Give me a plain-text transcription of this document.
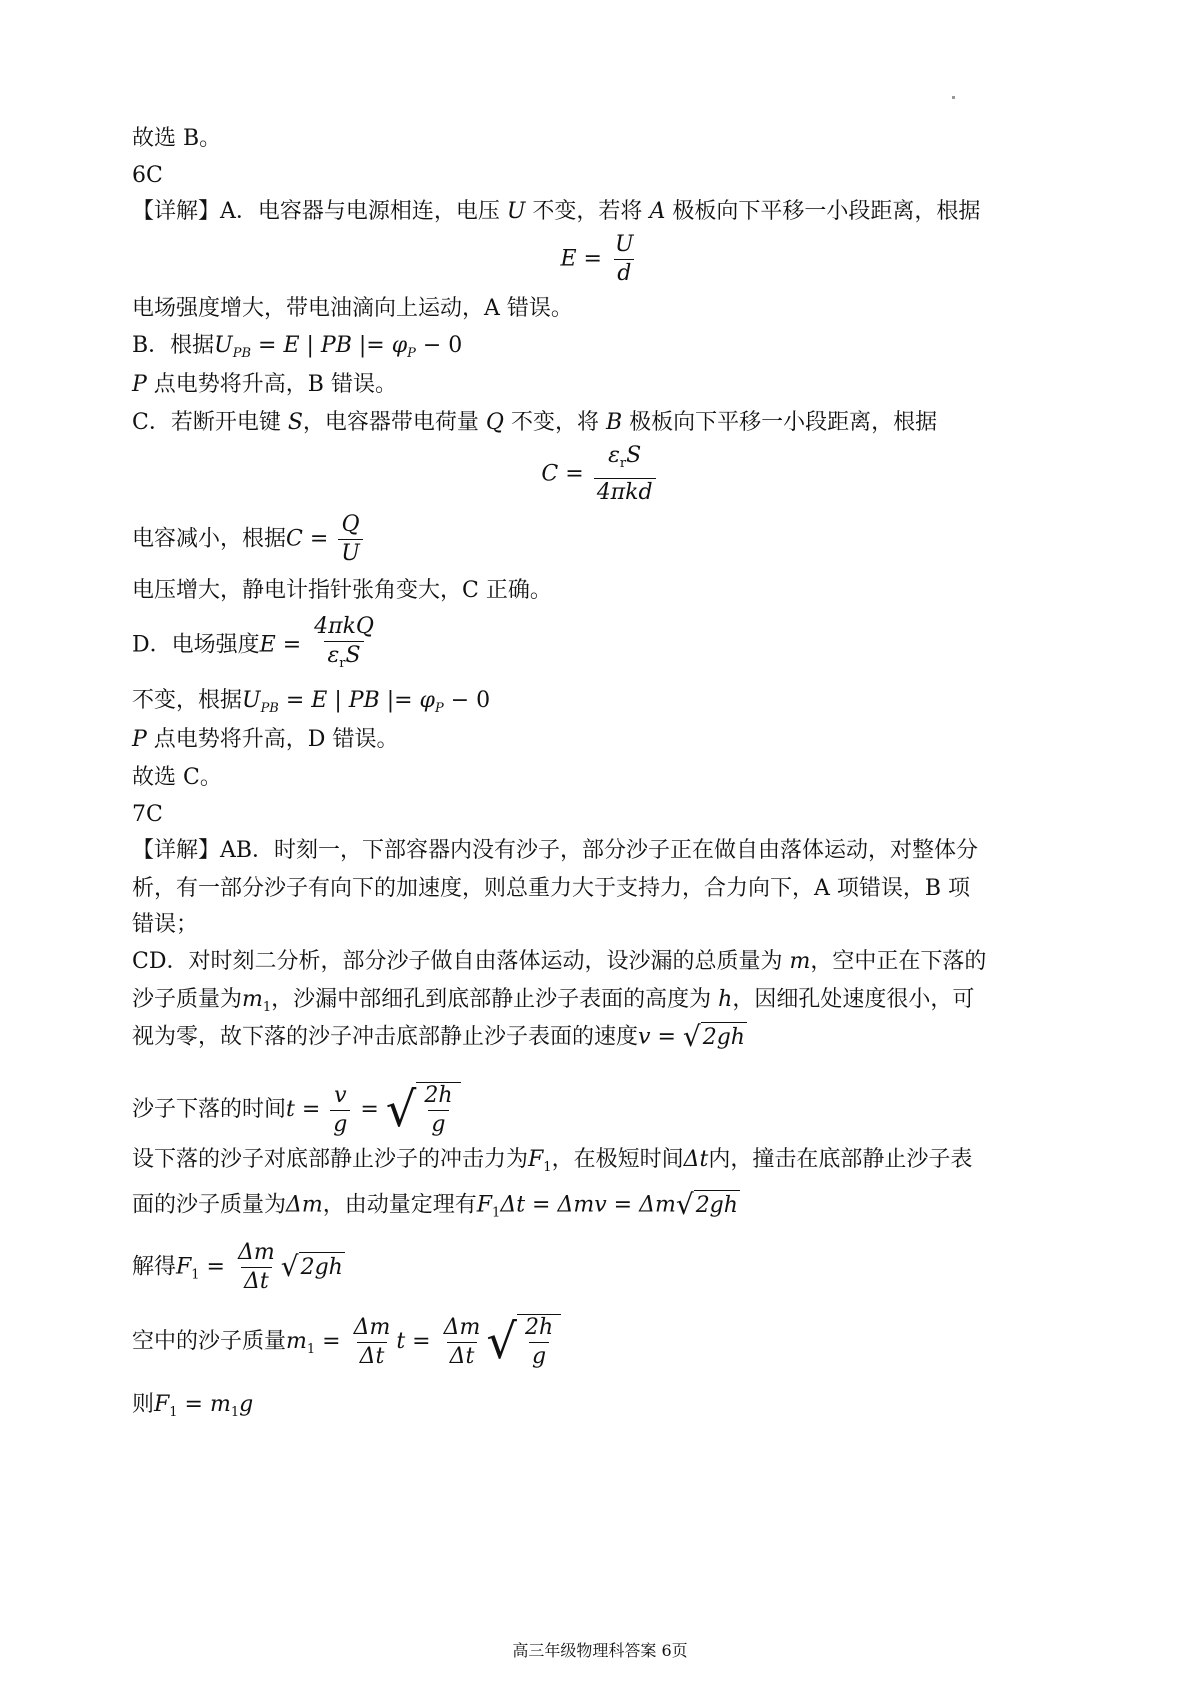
故选 B。
6C
【详解】A．电容器与电源相连，电压 U 不变，若将 A 极板向下平移一小段距离，根据
$E = \frac{U}{d}$
电场强度增大，带电油滴向上运动，A 错误。
B．根据$U_{PB} = E$ | PB |= $\varphi_P - 0$
P 点电势将升高，B 错误。
C．若断开电键 S，电容器带电荷量 Q 不变，将 B 极板向下平移一小段距离，根据
$C = \frac{\varepsilon_rS}{\text{4πkd}}$
电容减小，根据$C = \frac{Q}{U}$
电压增大，静电计指针张角变大，C 正确。
D．电场强度$E = \frac{\text{4πkQ}}{\varepsilon_rS}$
不变，根据$U_{PB} = E$ | PB |= $\varphi_P - 0$
P 点电势将升高，D 错误。
故选 C。
7C
【详解】AB．时刻一，下部容器内没有沙子，部分沙子正在做自由落体运动，对整体分
析，有一部分沙子有向下的加速度，则总重力大于支持力，合力向下，A 项错误，B 项
错误；
CD．对时刻二分析，部分沙子做自由落体运动，设沙漏的总质量为 m，空中正在下落的
沙子质量为$m_1$，沙漏中部细孔到底部静止沙子表面的高度为 h，因细孔处速度很小，可
视为零，故下落的沙子冲击底部静止沙子表面的速度v = √ 2gh
沙子下落的时间$t = \frac{v}{g}$ = √ $\frac{2h}{g}$
设下落的沙子对底部静止沙子的冲击力为$F_1$，在极短时间Δt内，撞击在底部静止沙子表
面的沙子质量为Δm，由动量定理有$F_1\Delta t = \Delta mv = \Delta m$ √ 2gh
解得$F_1 = \frac{\Delta m}{\Delta t}$ √ 2gh
空中的沙子质量$m_1 = \frac{\Delta m}{\Delta t}$ $t = \frac{\Delta m}{\Delta t}$ √ $\frac{2h}{g}$
则$F_1 = m_1g$
高三年级物理科答案 6页
